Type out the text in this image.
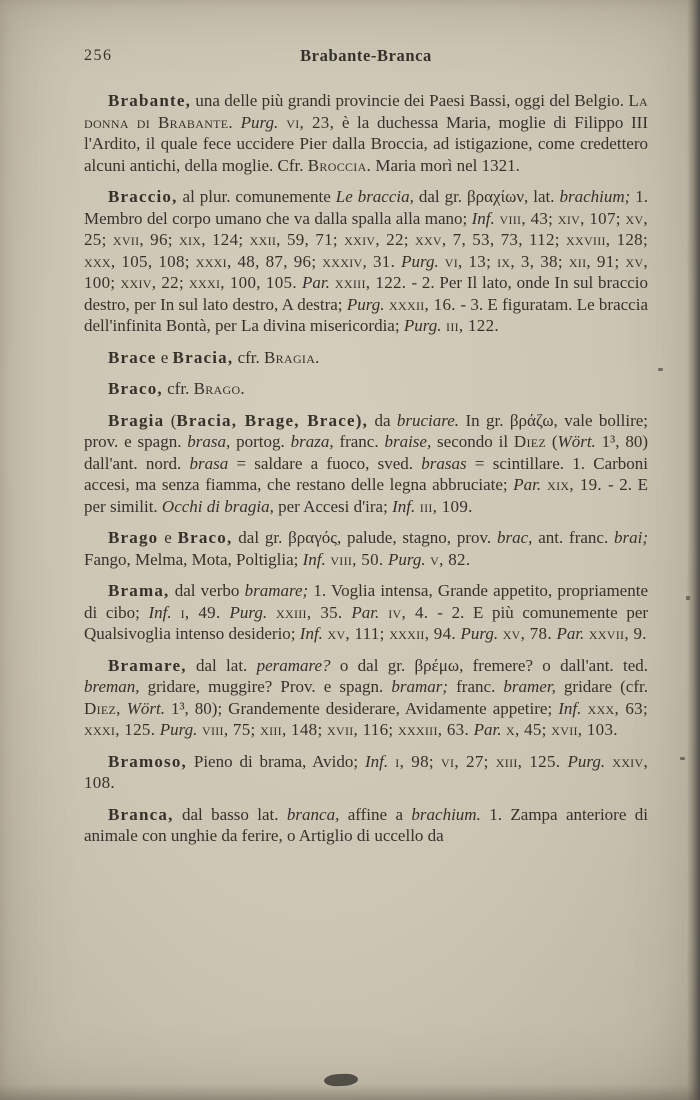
256	Brabante-Branca

Brabante, una delle più grandi provincie dei Paesi Bassi, oggi del Belgio. La donna di Brabante. Purg. vi, 23, è la duchessa Maria, moglie di Filippo III l'Ardito, il quale fece uccidere Pier dalla Broccia, ad istigazione, come credettero alcuni antichi, della moglie. Cfr. Broccia. Maria morì nel 1321.

Braccio, al plur. comunemente Le braccia, dal gr. βραχίων, lat. brachium; 1. Membro del corpo umano che va dalla spalla alla mano; Inf. viii, 43; xiv, 107; xv, 25; xvii, 96; xix, 124; xxii, 59, 71; xxiv, 22; xxv, 7, 53, 73, 112; xxviii, 128; xxx, 105, 108; xxxi, 48, 87, 96; xxxiv, 31. Purg. vi, 13; ix, 3, 38; xii, 91; xv, 100; xxiv, 22; xxxi, 100, 105. Par. xxiii, 122. - 2. Per Il lato, onde In sul braccio destro, per In sul lato destro, A destra; Purg. xxxii, 16. - 3. E figuratam. Le braccia dell'infinita Bontà, per La divina misericordia; Purg. iii, 122.

Brace e Bracia, cfr. Bragia.

Braco, cfr. Brago.

Bragia (Bracia, Brage, Brace), da bruciare. In gr. βράζω, vale bollire; prov. e spagn. brasa, portog. braza, franc. braise, secondo il Diez (Wört. 1³, 80) dall'ant. nord. brasa = saldare a fuoco, sved. brasas = scintillare. 1. Carboni accesi, ma senza fiamma, che restano delle legna abbruciate; Par. xix, 19. - 2. E per similit. Occhi di bragia, per Accesi d'ira; Inf. iii, 109.

Brago e Braco, dal gr. βραγός, palude, stagno, prov. brac, ant. franc. brai; Fango, Melma, Mota, Poltiglia; Inf. viii, 50. Purg. v, 82.

Brama, dal verbo bramare; 1. Voglia intensa, Grande appetito, propriamente di cibo; Inf. i, 49. Purg. xxiii, 35. Par. iv, 4. - 2. E più comunemente per Qualsivoglia intenso desiderio; Inf. xv, 111; xxxii, 94. Purg. xv, 78. Par. xxvii, 9.

Bramare, dal lat. peramare? o dal gr. βρέμω, fremere? o dall'ant. ted. breman, gridare, muggire? Prov. e spagn. bramar; franc. bramer, gridare (cfr. Diez, Wört. 1³, 80); Grandemente desiderare, Avidamente appetire; Inf. xxx, 63; xxxi, 125. Purg. viii, 75; xiii, 148; xvii, 116; xxxiii, 63. Par. x, 45; xvii, 103.

Bramoso, Pieno di brama, Avido; Inf. i, 98; vi, 27; xiii, 125. Purg. xxiv, 108.

Branca, dal basso lat. branca, affine a brachium. 1. Zampa anteriore di animale con unghie da ferire, o Artiglio di uccello da
